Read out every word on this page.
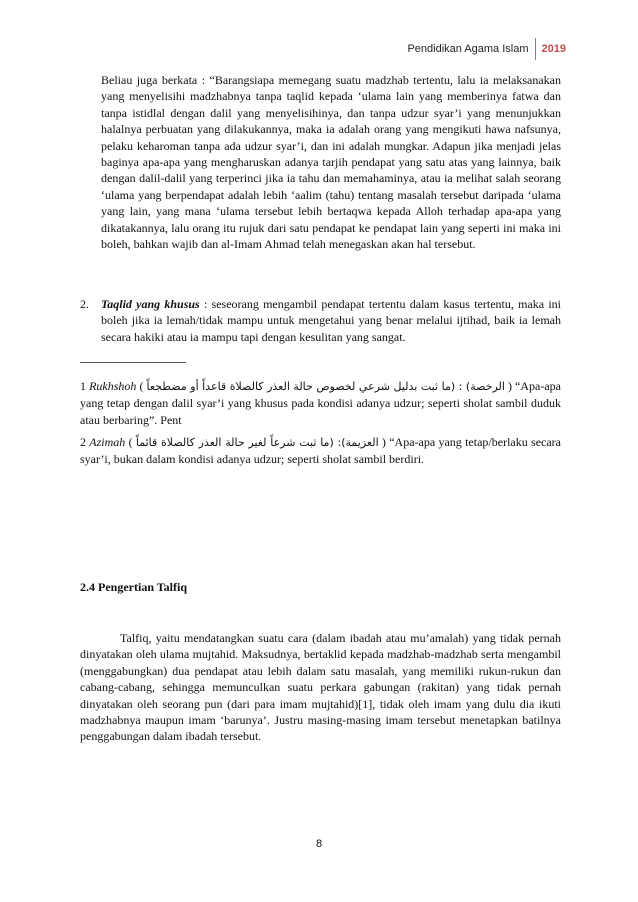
Pendidikan Agama Islam 2019

Beliau juga berkata : “Barangsiapa memegang suatu madzhab tertentu, lalu ia melaksanakan yang menyelisihi madzhabnya tanpa taqlid kepada ‘ulama lain yang memberinya fatwa dan tanpa istidlal dengan dalil yang menyelisihinya, dan tanpa udzur syar’i yang menunjukkan halalnya perbuatan yang dilakukannya, maka ia adalah orang yang mengikuti hawa nafsunya, pelaku keharoman tanpa ada udzur syar’i, dan ini adalah mungkar. Adapun jika menjadi jelas baginya apa-apa yang mengharuskan adanya tarjih pendapat yang satu atas yang lainnya, baik dengan dalil-dalil yang terperinci jika ia tahu dan memahaminya, atau ia melihat salah seorang ‘ulama yang berpendapat adalah lebih ‘aalim (tahu) tentang masalah tersebut daripada ‘ulama yang lain, yang mana ‘ulama tersebut lebih bertaqwa kepada Alloh terhadap apa-apa yang dikatakannya, lalu orang itu rujuk dari satu pendapat ke pendapat lain yang seperti ini maka ini boleh, bahkan wajib dan al-Imam Ahmad telah menegaskan akan hal tersebut.

2. Taqlid yang khusus : seseorang mengambil pendapat tertentu dalam kasus tertentu, maka ini boleh jika ia lemah/tidak mampu untuk mengetahui yang benar melalui ijtihad, baik ia lemah secara hakiki atau ia mampu tapi dengan kesulitan yang sangat.
1 Rukhshoh ( الرخصة) : (ما ثبت بدليل شرعي لخصوص حالة العذر كالصلاة قاعداً أو مضطجعاً ) “Apa-apa yang tetap dengan dalil syar’i yang khusus pada kondisi adanya udzur; seperti sholat sambil duduk atau berbaring”. Pent
2 Azimah ( العزيمة): (ما ثبت شرعاً لغير حالة العذر كالصلاة قائماً ) “Apa-apa yang tetap/berlaku secara syar’i, bukan dalam kondisi adanya udzur; seperti sholat sambil berdiri.
2.4 Pengertian Talfiq
Talfiq, yaitu mendatangkan suatu cara (dalam ibadah atau mu’amalah) yang tidak pernah dinyatakan oleh ulama mujtahid. Maksudnya, bertaklid kepada madzhab-madzhab serta mengambil (menggabungkan) dua pendapat atau lebih dalam satu masalah, yang memiliki rukun-rukun dan cabang-cabang, sehingga memunculkan suatu perkara gabungan (rakitan) yang tidak pernah dinyatakan oleh seorang pun (dari para imam mujtahid)[1], tidak oleh imam yang dulu dia ikuti madzhabnya maupun imam ‘barunya’. Justru masing-masing imam tersebut menetapkan batilnya penggabungan dalam ibadah tersebut.
8
